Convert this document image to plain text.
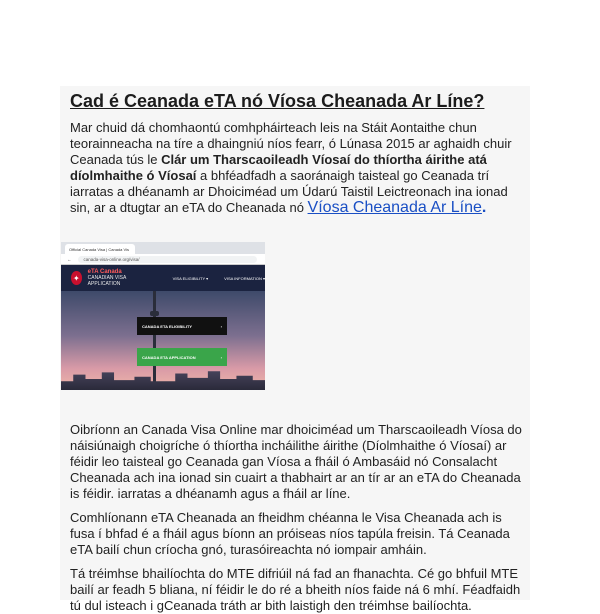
Cad é Ceanada eTA nó Víosa Cheanada Ar Líne?

Mar chuid dá chomhaontú comhpháirteach leis na Stáit Aontaithe chun teorainneacha na tíre a dhaingniú níos fearr, ó Lúnasa 2015 ar aghaidh chuir Ceanada tús le Clár um Tharscaoileadh Víosaí do thíortha áirithe atá díolmhaithe ó Víosaí a bhféadfadh a saoránaigh taisteal go Ceanada trí iarratas a dhéanamh ar Dhoiciméad um Údarú Taistil Leictreonach ina ionad sin, ar a dtugtar an eTA do Cheanada nó Víosa Cheanada Ar Líne.

Oibríonn an Canada Visa Online mar dhoiciméad um Tharscaoileadh Víosa do náisiúnaigh choigríche ó thíortha incháilithe áirithe (Díolmhaithe ó Víosaí) ar féidir leo taisteal go Ceanada gan Víosa a fháil ó Ambasáid nó Consalacht Cheanada ach ina ionad sin cuairt a thabhairt ar an tír ar an eTA do Cheanada is féidir. iarratas a dhéanamh agus a fháil ar líne.

Comhlíonann eTA Cheanada an fheidhm chéanna le Visa Cheanada ach is fusa í bhfad é a fháil agus bíonn an próiseas níos tapúla freisin. Tá Ceanada eTA bailí chun críocha gnó, turasóireachta nó iompair amháin.

Tá tréimhse bhailíochta do MTE difriúil ná fad an fhanachta. Cé go bhfuil MTE bailí ar feadh 5 bliana, ní féidir le do ré a bheith níos faide ná 6 mhí. Féadfaidh tú dul isteach i gCeanada tráth ar bith laistigh den tréimhse bailíochta.

Official Canada Visa | Canada Vis
←	canada-visa-online.org/visa/
✦
eTA Canada
CANADIAN VISA APPLICATION
VISA ELIGIBILITY ▾	VISA INFORMATION ▾
CANADA ETA ELIGIBILITY	›
CANADA ETA APPLICATION	›
